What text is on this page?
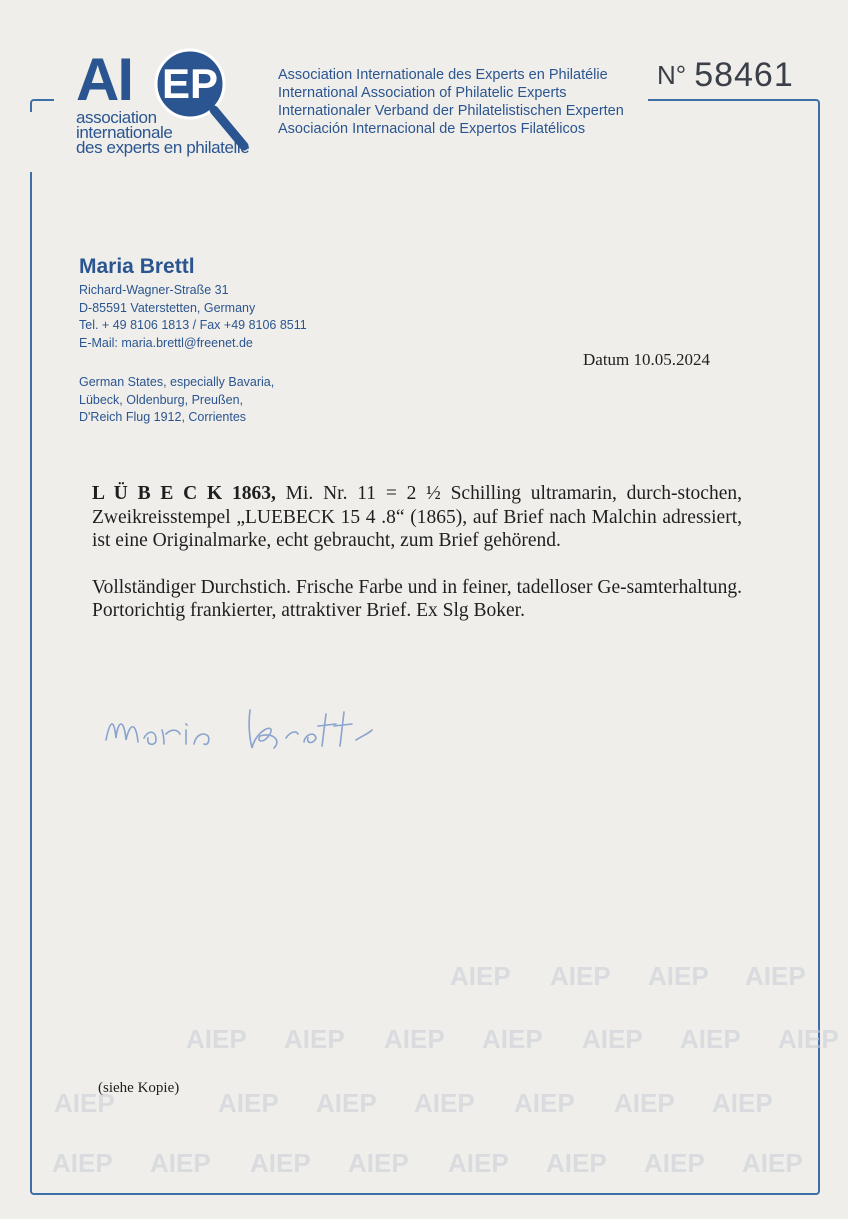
AIEP AIEP AIEP AIEP
AIEP AIEP AIEP AIEP AIEP AIEP AIEP
AIEP	AIEP AIEP AIEP AIEP AIEP AIEP
AIEP AIEP AIEP AIEP AIEP AIEP AIEP AIEP
AI EP
association
internationale
des experts en philatelie
Association Internationale des Experts en Philatélie
International Association of Philatelic Experts
Internationaler Verband der Philatelistischen Experten
Asociación Internacional de Expertos Filatélicos
N° 58461
Maria Brettl
Richard-Wagner-Straße 31
D-85591 Vaterstetten, Germany
Tel. + 49 8106 1813 / Fax +49 8106 8511
E-Mail: maria.brettl@freenet.de
German States, especially Bavaria,
Lübeck, Oldenburg, Preußen,
D'Reich Flug 1912, Corrientes
Datum 10.05.2024

L Ü B E C K 1863, Mi. Nr. 11 = 2 ½ Schilling ultramarin, durch-stochen, Zweikreisstempel „LUEBECK 15 4 .8“ (1865), auf Brief nach Malchin adressiert, ist eine Originalmarke, echt gebraucht, zum Brief gehörend.

Vollständiger Durchstich. Frische Farbe und in feiner, tadelloser Ge-samterhaltung. Portorichtig frankierter, attraktiver Brief. Ex Slg Boker.

(siehe Kopie)
